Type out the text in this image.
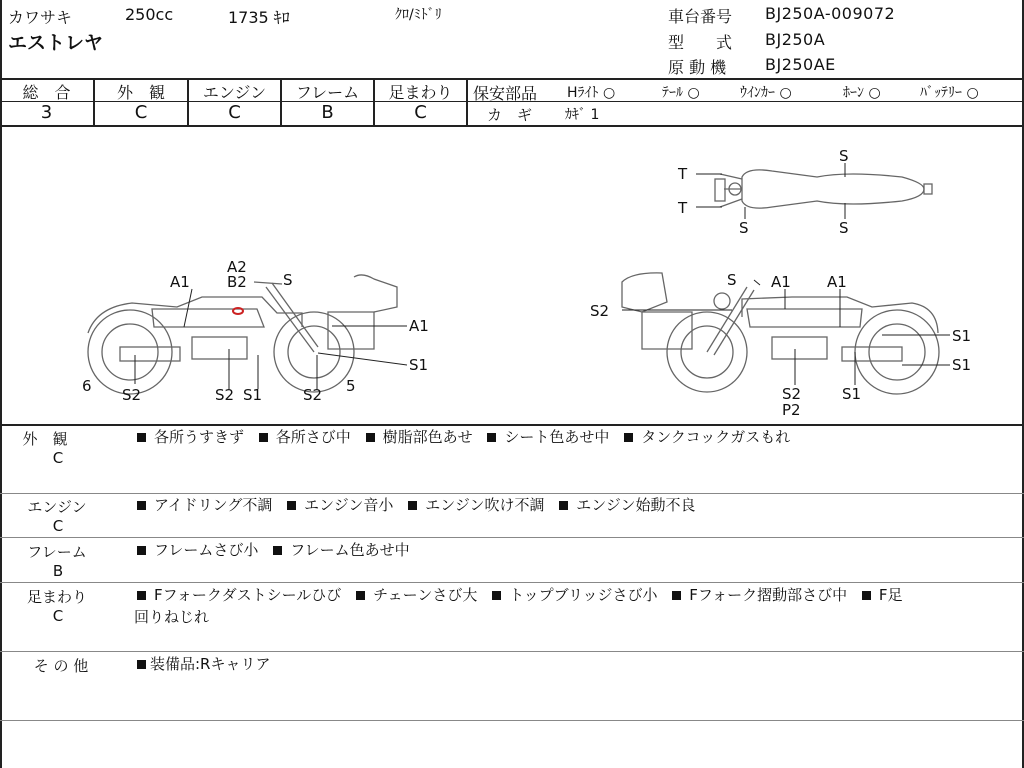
カワサキ	250cc	1735 ｷﾛ	ｸﾛ/ﾐﾄﾞﾘ
エストレヤ
車台番号 BJ250A-009072
型　　式 BJ250A
原 動 機 BJ250AE
総　合	外　観	エンジン	フレーム	足まわり
3	C	C	B	C
保安部品 Hﾗｲﾄ ○	ﾃｰﾙ ○	ｳｲﾝｶｰ ○	ﾎｰﾝ ○	ﾊﾞｯﾃﾘｰ ○
カ　ギ ｶｷﾞ 1
T
T
S
S	S
A2
B2 S
A1
A1
S1
6 S2	S2 S1	S2 5
S A1 A1
S2
S1
S1
S2
P2
S1
外　観
C
各所うすきず 各所さび中 樹脂部色あせ シート色あせ中 タンクコックガスもれ
エンジン
C
アイドリング不調 エンジン音小 エンジン吹け不調 エンジン始動不良
フレーム
B
フレームさび小 フレーム色あせ中
足まわり
C
Fフォークダストシールひび チェーンさび大 トップブリッジさび小 Fフォーク摺動部さび中 F足
回りねじれ
そ の 他	装備品:Rキャリア
